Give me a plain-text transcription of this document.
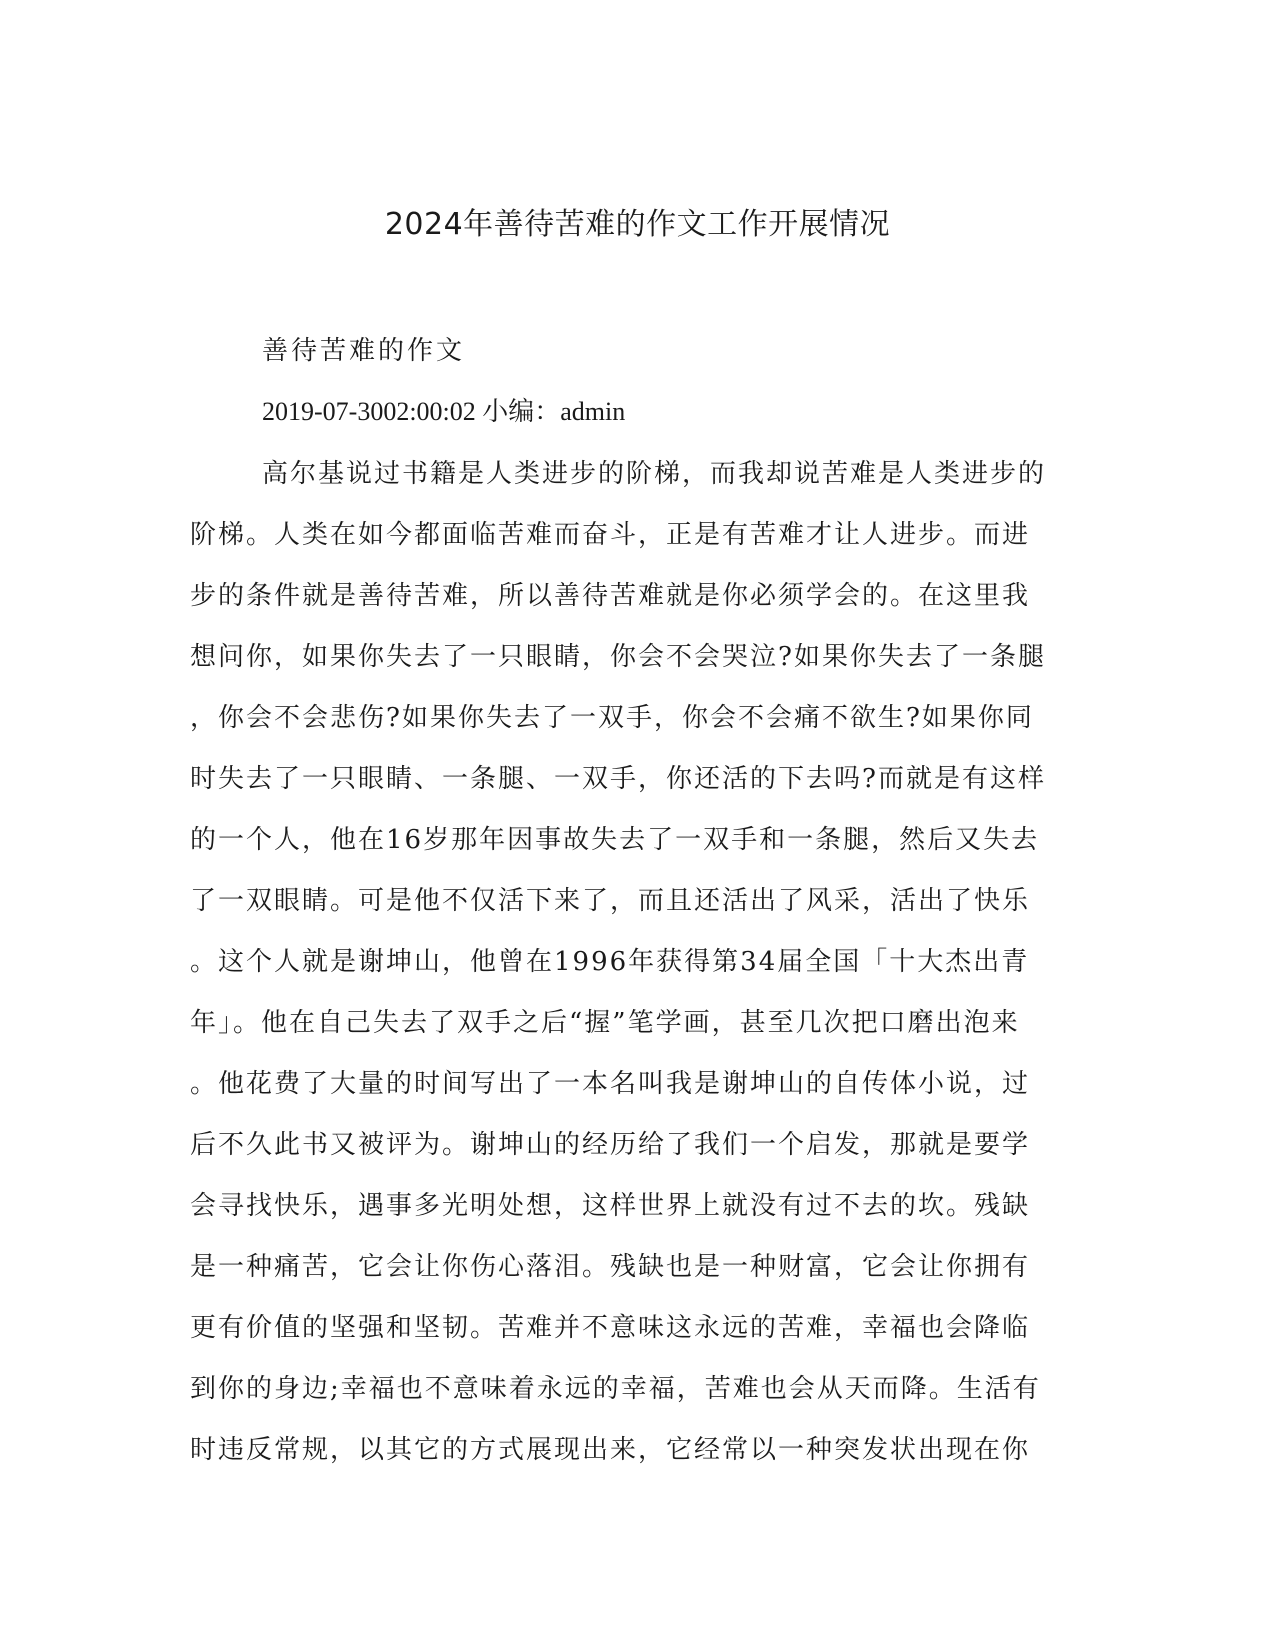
2024年善待苦难的作文工作开展情况

善待苦难的作文

2019-07-3002:00:02 小编：admin

高尔基说过书籍是人类进步的阶梯，而我却说苦难是人类进步的
阶梯。人类在如今都面临苦难而奋斗，正是有苦难才让人进步。而进
步的条件就是善待苦难，所以善待苦难就是你必须学会的。在这里我
想问你，如果你失去了一只眼睛，你会不会哭泣?如果你失去了一条腿
，你会不会悲伤?如果你失去了一双手，你会不会痛不欲生?如果你同
时失去了一只眼睛、一条腿、一双手，你还活的下去吗?而就是有这样
的一个人，他在16岁那年因事故失去了一双手和一条腿，然后又失去
了一双眼睛。可是他不仅活下来了，而且还活出了风采，活出了快乐
。这个人就是谢坤山，他曾在1996年获得第34届全国「十大杰出青
年」。他在自己失去了双手之后“握”笔学画，甚至几次把口磨出泡来
。他花费了大量的时间写出了一本名叫我是谢坤山的自传体小说，过
后不久此书又被评为。谢坤山的经历给了我们一个启发，那就是要学
会寻找快乐，遇事多光明处想，这样世界上就没有过不去的坎。残缺
是一种痛苦，它会让你伤心落泪。残缺也是一种财富，它会让你拥有
更有价值的坚强和坚韧。苦难并不意味这永远的苦难，幸福也会降临
到你的身边;幸福也不意味着永远的幸福，苦难也会从天而降。生活有
时违反常规，以其它的方式展现出来，它经常以一种突发状出现在你
